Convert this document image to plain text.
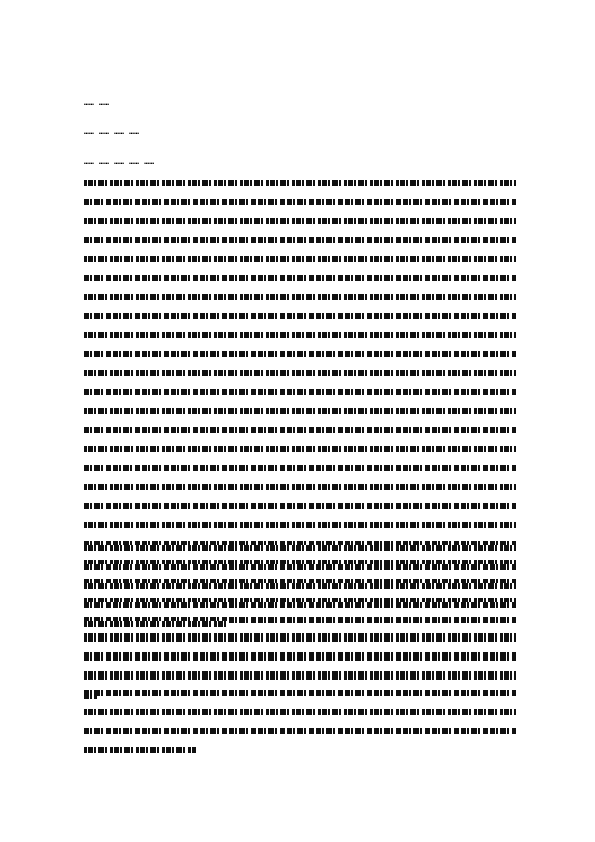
…… ……
…… …… …… ……
…… …… …… …… ……
